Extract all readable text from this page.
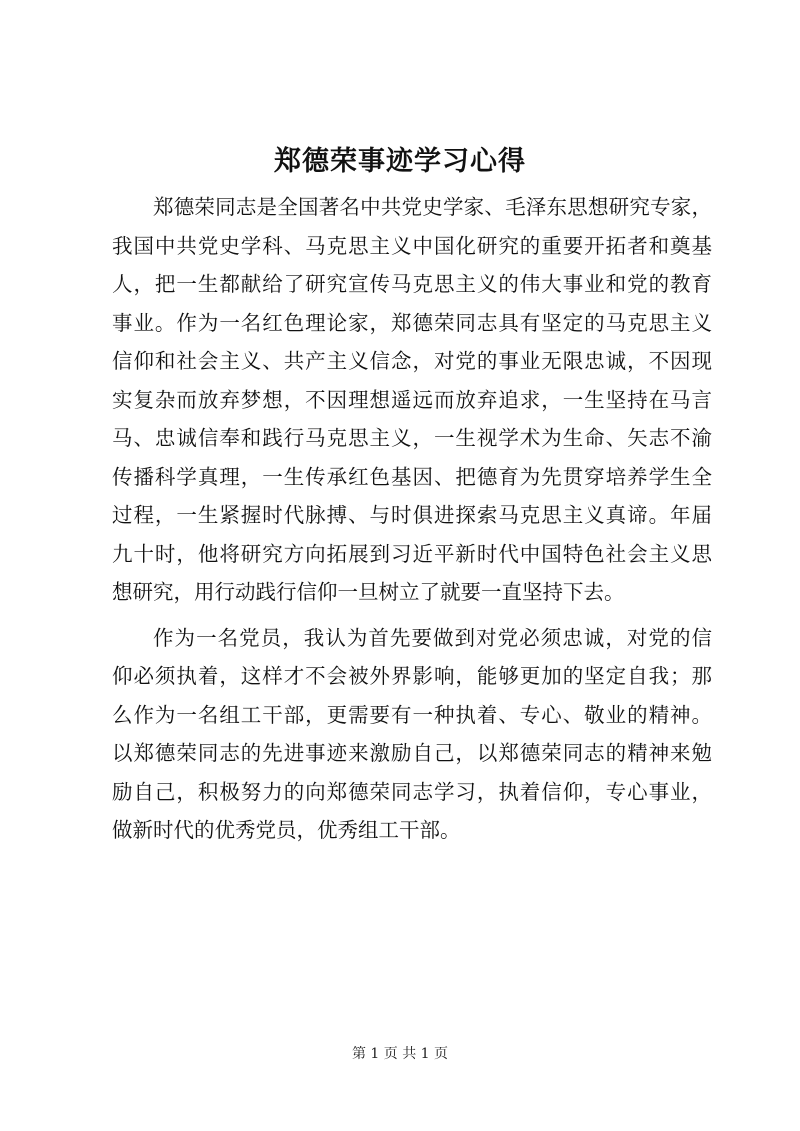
郑德荣事迹学习心得
郑德荣同志是全国著名中共党史学家、毛泽东思想研究专家，
我国中共党史学科、马克思主义中国化研究的重要开拓者和奠基
人，把一生都献给了研究宣传马克思主义的伟大事业和党的教育
事业。作为一名红色理论家，郑德荣同志具有坚定的马克思主义
信仰和社会主义、共产主义信念，对党的事业无限忠诚，不因现
实复杂而放弃梦想，不因理想遥远而放弃追求，一生坚持在马言
马、忠诚信奉和践行马克思主义，一生视学术为生命、矢志不渝
传播科学真理，一生传承红色基因、把德育为先贯穿培养学生全
过程，一生紧握时代脉搏、与时俱进探索马克思主义真谛。年届
九十时，他将研究方向拓展到习近平新时代中国特色社会主义思
想研究，用行动践行信仰一旦树立了就要一直坚持下去。
作为一名党员，我认为首先要做到对党必须忠诚，对党的信
仰必须执着，这样才不会被外界影响，能够更加的坚定自我；那
么作为一名组工干部，更需要有一种执着、专心、敬业的精神。
以郑德荣同志的先进事迹来激励自己，以郑德荣同志的精神来勉
励自己，积极努力的向郑德荣同志学习，执着信仰，专心事业，
做新时代的优秀党员，优秀组工干部。
第 1 页 共 1 页
